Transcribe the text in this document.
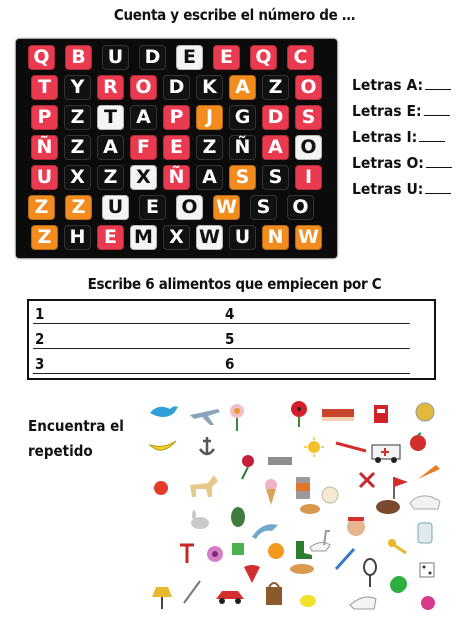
Cuenta y escribe el número de …
Q	B	U	D	E	E	Q	C
T	Y R O D K A Z O
P	Z	T	A P	J	G D S
Ñ Z A	F	E	Z Ñ A O
U X Z X Ñ A S	S	I
Z	Z	U	E	O W	S	O
Z H E M X W U N W
Letras A:
Letras E:
Letras I:
Letras O:
Letras U:
Escribe 6 alimentos que empiecen por C
1	4
2	5
3	6
Encuentra el
repetido
